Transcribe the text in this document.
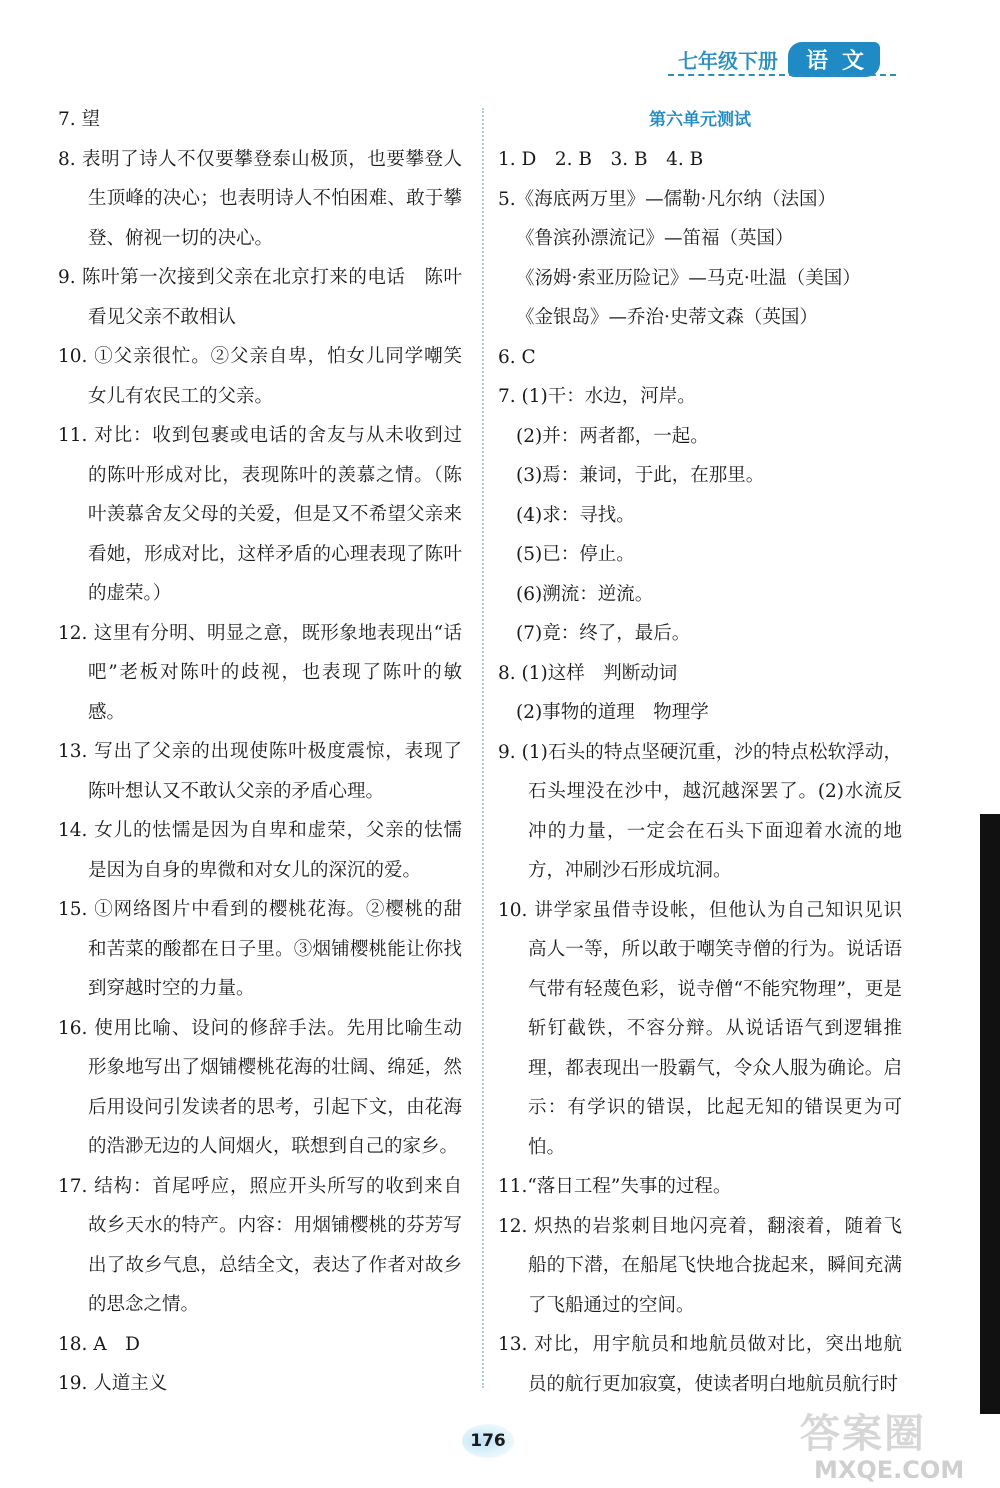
七年级下册	语文
7. 望
8. 表明了诗人不仅要攀登泰山极顶，也要攀登人生顶峰的决心；也表明诗人不怕困难、敢于攀登、俯视一切的决心。
9. 陈叶第一次接到父亲在北京打来的电话　陈叶看见父亲不敢相认
10. ①父亲很忙。②父亲自卑，怕女儿同学嘲笑女儿有农民工的父亲。
11. 对比：收到包裹或电话的舍友与从未收到过的陈叶形成对比，表现陈叶的羡慕之情。（陈叶羡慕舍友父母的关爱，但是又不希望父亲来看她，形成对比，这样矛盾的心理表现了陈叶的虚荣。）
12. 这里有分明、明显之意，既形象地表现出“话吧”老板对陈叶的歧视，也表现了陈叶的敏感。
13. 写出了父亲的出现使陈叶极度震惊，表现了陈叶想认又不敢认父亲的矛盾心理。
14. 女儿的怯懦是因为自卑和虚荣，父亲的怯懦是因为自身的卑微和对女儿的深沉的爱。
15. ①网络图片中看到的樱桃花海。②樱桃的甜和苦菜的酸都在日子里。③烟铺樱桃能让你找到穿越时空的力量。
16. 使用比喻、设问的修辞手法。先用比喻生动形象地写出了烟铺樱桃花海的壮阔、绵延，然后用设问引发读者的思考，引起下文，由花海的浩渺无边的人间烟火，联想到自己的家乡。
17. 结构：首尾呼应，照应开头所写的收到来自故乡天水的特产。内容：用烟铺樱桃的芬芳写出了故乡气息，总结全文，表达了作者对故乡的思念之情。
18. A　D
19. 人道主义
第六单元测试
1. D　2. B　3. B　4. B
5.《海底两万里》—儒勒·凡尔纳（法国）
《鲁滨孙漂流记》—笛福（英国）
《汤姆·索亚历险记》—马克·吐温（美国）
《金银岛》—乔治·史蒂文森（英国）
6. C
7. (1)干：水边，河岸。
(2)并：两者都，一起。
(3)焉：兼词，于此，在那里。
(4)求：寻找。
(5)已：停止。
(6)溯流：逆流。
(7)竟：终了，最后。
8. (1)这样　判断动词
(2)事物的道理　物理学
9. (1)石头的特点坚硬沉重，沙的特点松软浮动，石头埋没在沙中，越沉越深罢了。(2)水流反冲的力量，一定会在石头下面迎着水流的地方，冲刷沙石形成坑洞。
10. 讲学家虽借寺设帐，但他认为自己知识见识高人一等，所以敢于嘲笑寺僧的行为。说话语气带有轻蔑色彩，说寺僧“不能究物理”，更是斩钉截铁，不容分辩。从说话语气到逻辑推理，都表现出一股霸气，令众人服为确论。启示：有学识的错误，比起无知的错误更为可怕。
11.“落日工程”失事的过程。
12. 炽热的岩浆刺目地闪亮着，翻滚着，随着飞船的下潜，在船尾飞快地合拢起来，瞬间充满了飞船通过的空间。
13. 对比，用宇航员和地航员做对比，突出地航员的航行更加寂寞，使读者明白地航员航行时
176	答案圈
MXQE.COM
